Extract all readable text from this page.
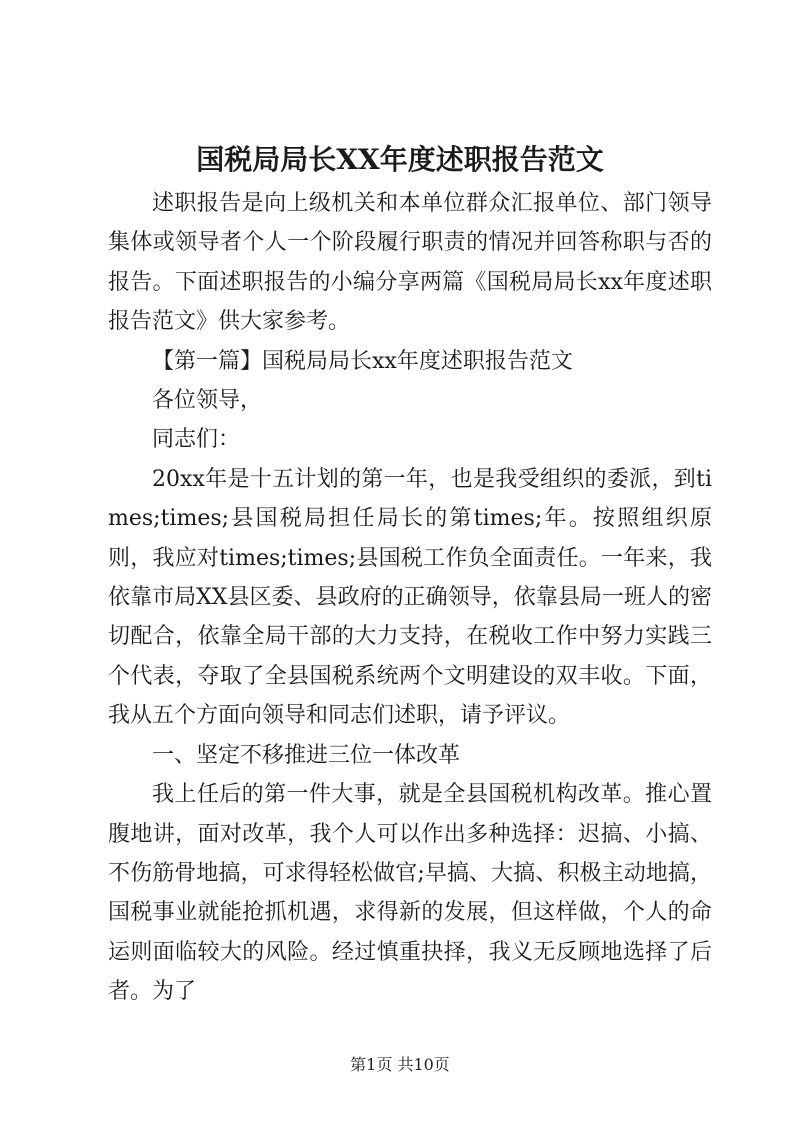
国税局局长XX年度述职报告范文

述职报告是向上级机关和本单位群众汇报单位、部门领导集体或领导者个人一个阶段履行职责的情况并回答称职与否的报告。下面述职报告的小编分享两篇《国税局局长xx年度述职报告范文》供大家参考。

【第一篇】国税局局长xx年度述职报告范文

各位领导，

同志们：

20xx年是十五计划的第一年，也是我受组织的委派，到times;times;县国税局担任局长的第times;年。按照组织原则，我应对times;times;县国税工作负全面责任。一年来，我依靠市局XX县区委、县政府的正确领导，依靠县局一班人的密切配合，依靠全局干部的大力支持，在税收工作中努力实践三个代表，夺取了全县国税系统两个文明建设的双丰收。下面，我从五个方面向领导和同志们述职，请予评议。

一、坚定不移推进三位一体改革

我上任后的第一件大事，就是全县国税机构改革。推心置腹地讲，面对改革，我个人可以作出多种选择：迟搞、小搞、不伤筋骨地搞，可求得轻松做官;早搞、大搞、积极主动地搞，国税事业就能抢抓机遇，求得新的发展，但这样做，个人的命运则面临较大的风险。经过慎重抉择，我义无反顾地选择了后者。为了

第1页 共10页
